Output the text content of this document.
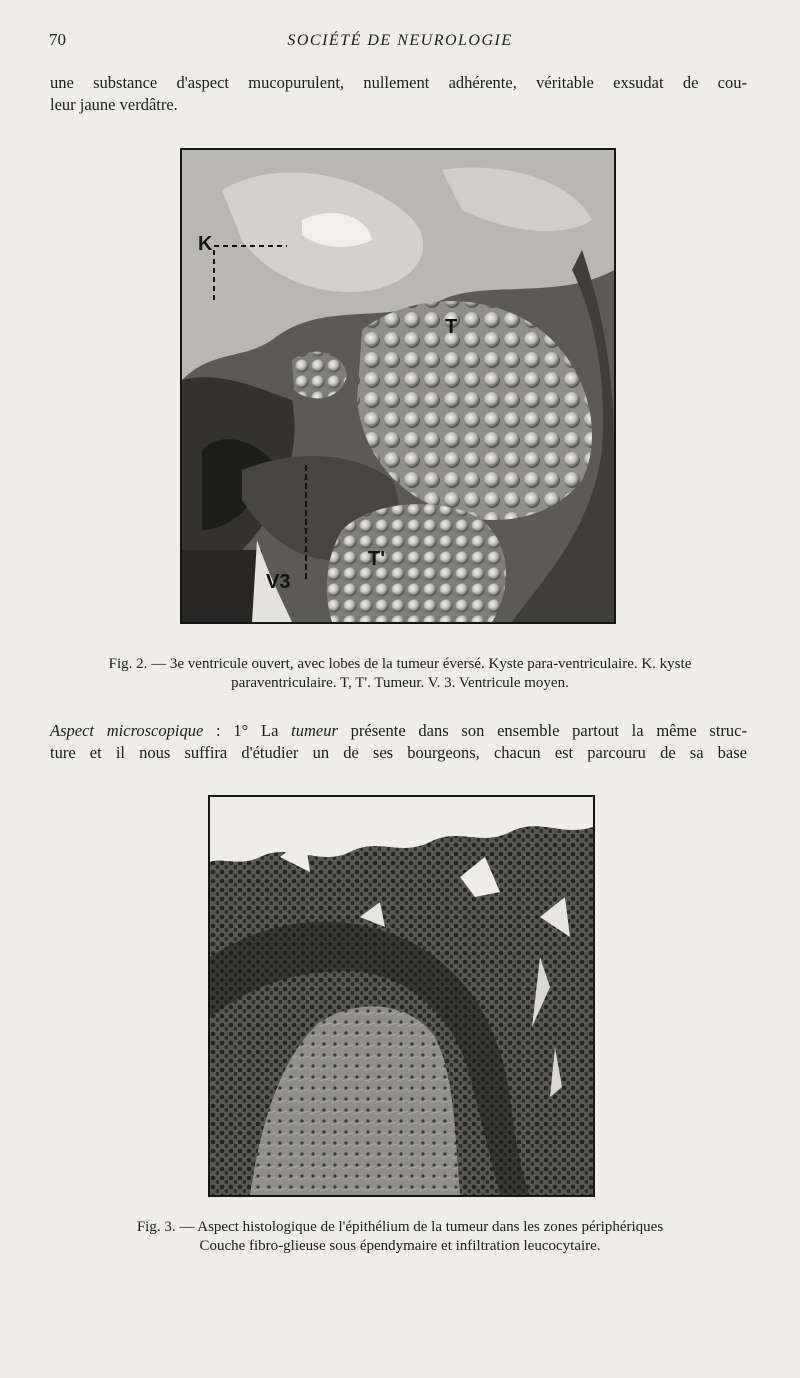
70	SOCIÉTÉ DE NEUROLOGIE
une substance d'aspect mucopurulent, nullement adhérente, véritable exsudat de cou-
leur jaune verdâtre.
K
T
T'
V3
Fig. 2. — 3e ventricule ouvert, avec lobes de la tumeur éversé. Kyste para-ventriculaire. K. kyste
paraventriculaire. T, T'. Tumeur. V. 3. Ventricule moyen.
Aspect microscopique : 1° La tumeur présente dans son ensemble partout la même struc-
ture et il nous suffira d'étudier un de ses bourgeons, chacun est parcouru de sa base
Fig. 3. — Aspect histologique de l'épithélium de la tumeur dans les zones périphériques
Couche fibro-glieuse sous épendymaire et infiltration leucocytaire.
